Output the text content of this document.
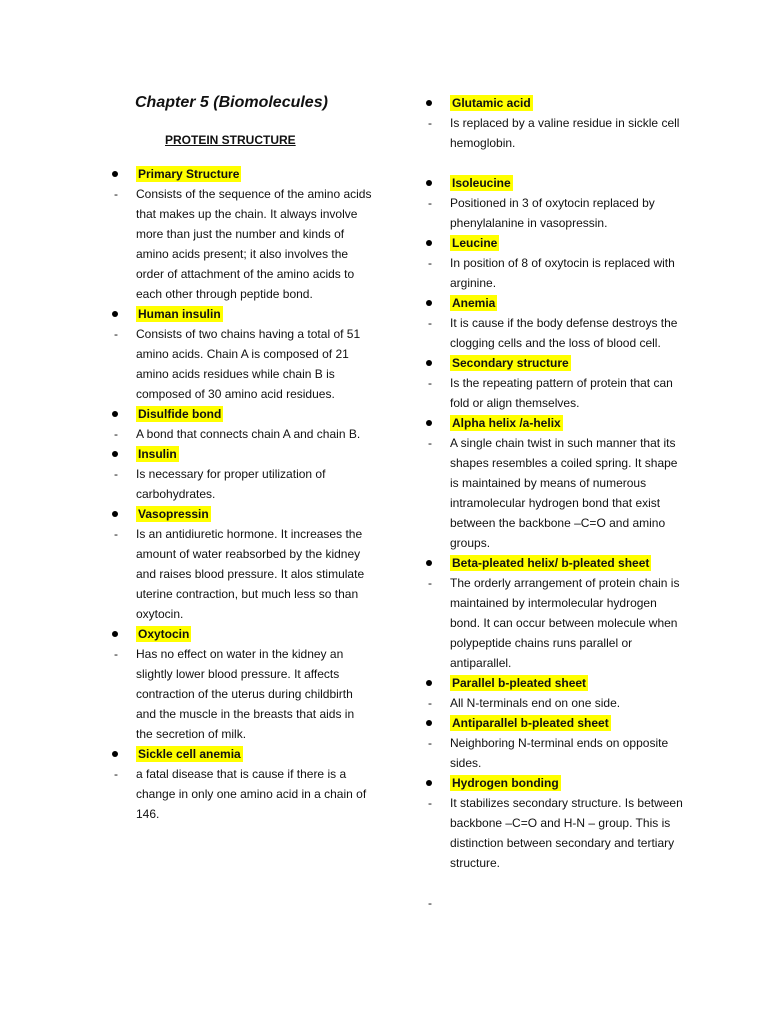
Chapter 5 (Biomolecules)
PROTEIN STRUCTURE
Primary Structure
- Consists of the sequence of the amino acids that makes up the chain. It always involve more than just the number and kinds of amino acids present; it also involves the order of attachment of the amino acids to each other through peptide bond.
Human insulin
- Consists of two chains having a total of 51 amino acids. Chain A is composed of 21 amino acids residues while chain B is composed of 30 amino acid residues.
Disulfide bond
- A bond that connects chain A and chain B.
Insulin
- Is necessary for proper utilization of carbohydrates.
Vasopressin
- Is an antidiuretic hormone. It increases the amount of water reabsorbed by the kidney and raises blood pressure. It alos stimulate uterine contraction, but much less so than oxytocin.
Oxytocin
- Has no effect on water in the kidney an slightly lower blood pressure. It affects contraction of the uterus during childbirth and the muscle in the breasts that aids in the secretion of milk.
Sickle cell anemia
- a fatal disease that is cause if there is a change in only one amino acid in a chain of 146.
Glutamic acid
- Is replaced by a valine residue in sickle cell hemoglobin.
Isoleucine
- Positioned in 3 of oxytocin replaced by phenylalanine in vasopressin.
Leucine
- In position of 8 of oxytocin is replaced with arginine.
Anemia
- It is cause if the body defense destroys the clogging cells and the loss of blood cell.
Secondary structure
- Is the repeating pattern of protein that can fold or align themselves.
Alpha helix /a-helix
- A single chain twist in such manner that its shapes resembles a coiled spring. It shape is maintained by means of numerous intramolecular hydrogen bond that exist between the backbone –C=O and amino groups.
Beta-pleated helix/ b-pleated sheet
- The orderly arrangement of protein chain is maintained by intermolecular hydrogen bond. It can occur between molecule when polypeptide chains runs parallel or antiparallel.
Parallel b-pleated sheet
- All N-terminals end on one side.
Antiparallel b-pleated sheet
- Neighboring N-terminal ends on opposite sides.
Hydrogen bonding
- It stabilizes secondary structure. Is between backbone –C=O and H-N – group. This is distinction between secondary and tertiary structure.
-
